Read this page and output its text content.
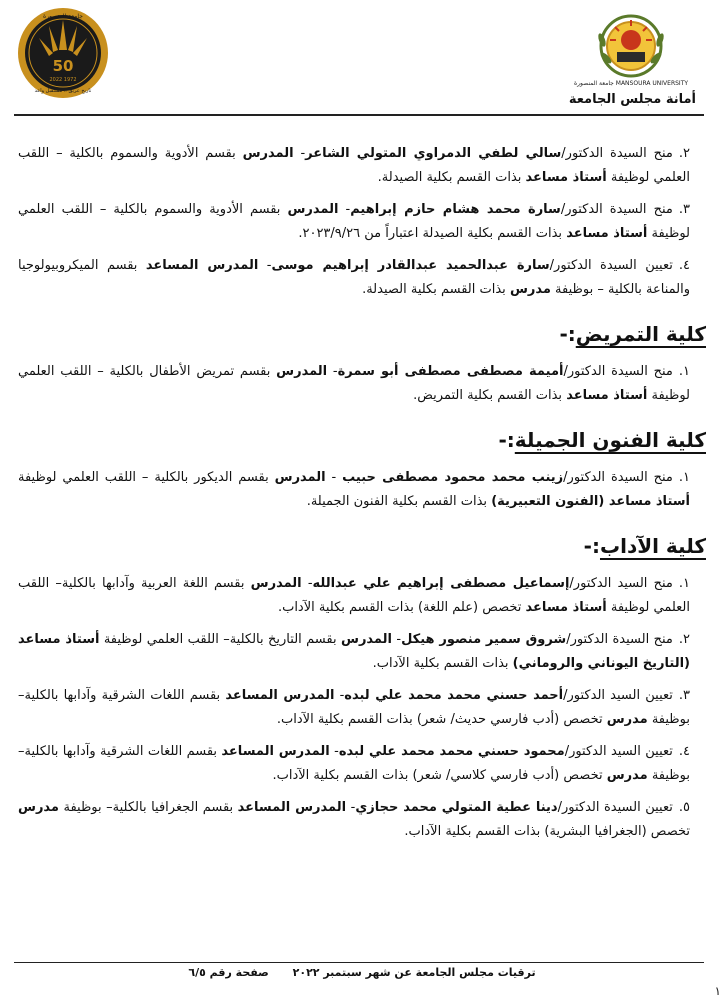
MANSOURA UNIVERSITY جامعة المنصورة
50
1972 2022
جامعة المنصورة
تاريخ عريق .. مستقبل واعد
أمانة مجلس الجامعة

٢.منح السيدة الدكتور/سالي لطفي الدمراوي المتولي الشاعر- المدرس بقسم الأدوية والسموم بالكلية – اللقب العلمي لوظيفة أستاذ مساعد بذات القسم بكلية الصيدلة.

٣.منح السيدة الدكتور/سارة محمد هشام حازم إبراهيم- المدرس بقسم الأدوية والسموم بالكلية – اللقب العلمي لوظيفة أستاذ مساعد بذات القسم بكلية الصيدلة اعتباراً من ٢٠٢٣/٩/٢٦.

٤.تعيين السيدة الدكتور/سارة عبدالحميد عبدالقادر إبراهيم موسى- المدرس المساعد بقسم الميكروبيولوجيا والمناعة بالكلية – بوظيفة مدرس بذات القسم بكلية الصيدلة.

كلية التمريض:-

١.منح السيدة الدكتور/أميمة مصطفى مصطفى أبو سمرة- المدرس بقسم تمريض الأطفال بالكلية – اللقب العلمي لوظيفة أستاذ مساعد بذات القسم بكلية التمريض.

كلية الفنون الجميلة:-

١.منح السيدة الدكتور/زينب محمد محمود مصطفى حبيب - المدرس بقسم الديكور بالكلية – اللقب العلمي لوظيفة أستاذ مساعد (الفنون التعبيرية) بذات القسم بكلية الفنون الجميلة.

كلية الآداب:-

١.منح السيد الدكتور/إسماعيل مصطفى إبراهيم علي عبدالله- المدرس بقسم اللغة العربية وآدابها بالكلية– اللقب العلمي لوظيفة أستاذ مساعد تخصص (علم اللغة) بذات القسم بكلية الآداب.

٢.منح السيدة الدكتور/شروق سمير منصور هيكل- المدرس بقسم التاريخ بالكلية– اللقب العلمي لوظيفة أستاذ مساعد (التاريخ اليوناني والروماني) بذات القسم بكلية الآداب.

٣.تعيين السيد الدكتور/أحمد حسني محمد محمد علي لبده- المدرس المساعد بقسم اللغات الشرقية وآدابها بالكلية– بوظيفة مدرس تخصص (أدب فارسي حديث/ شعر) بذات القسم بكلية الآداب.

٤.تعيين السيد الدكتور/محمود حسني محمد محمد علي لبده- المدرس المساعد بقسم اللغات الشرقية وآدابها بالكلية– بوظيفة مدرس تخصص (أدب فارسي كلاسي/ شعر) بذات القسم بكلية الآداب.

٥.تعيين السيدة الدكتور/دينا عطية المتولي محمد حجازي- المدرس المساعد بقسم الجغرافيا بالكلية– بوظيفة مدرس تخصص (الجغرافيا البشرية) بذات القسم بكلية الآداب.

ترقيات مجلس الجامعة عن شهر سبتمبر ٢٠٢٢ صفحة رقم ٦/٥
١
